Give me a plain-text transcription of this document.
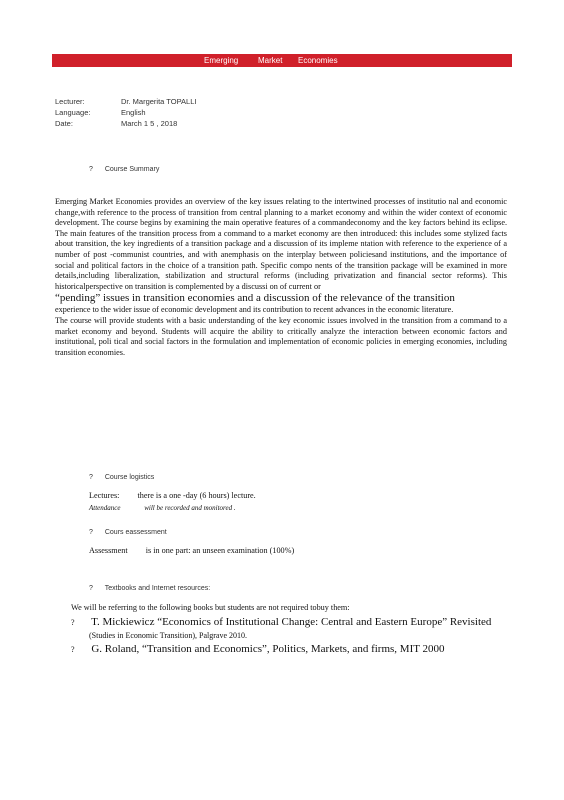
Emerging Market Economies
Lecturer:	Dr. Margerita TOPALLI
Language:	English
Date:	March 1 5 , 2018
? Course Summary

Emerging Market Economies provides an overview of the key issues relating to the intertwined processes of institutio nal and economic change,with reference to the process of transition from central planning to a market economy and within the wider context of economic development. The course begins by examining the main operative features of a commandeconomy and the key factors behind its eclipse. The main features of the transition process from a command to a market economy are then introduced: this includes some stylized facts about transition, the key ingredients of a transition package and a discussion of its impleme ntation with reference to the experience of a number of post -communist countries, and with anemphasis on the interplay between policiesand institutions, and the importance of social and political factors in the choice of a transition path. Specific compo nents of the transition package will be examined in more details,including liberalization, stabilization and structural reforms (including privatization and financial sector reforms). This historicalperspective on transition is complemented by a discussi on of current or

“pending” issues in transition economies and a discussion of the relevance of the transition

experience to the wider issue of economic development and its contribution to recent advances in the economic literature.

The course will provide students with a basic understanding of the key economic issues involved in the transition from a command to a market economy and beyond. Students will acquire the ability to critically analyze the interaction between economic factors and institutional, poli tical and social factors in the formulation and implementation of economic policies in emerging economies, including transition economies.

? Course logistics
Lectures: there is a one -day (6 hours) lecture.
Attendance	will be recorded and monitored .
? Cours eassessment
Assessment is in one part: an unseen examination (100%)
? Textbooks and Internet resources:
We will be referring to the following books but students are not required tobuy them:
? T. Mickiewicz “Economics of Institutional Change: Central and Eastern Europe” Revisited
(Studies in Economic Transition), Palgrave 2010.
? G. Roland, “Transition and Economics”, Politics, Markets, and firms, MIT 2000
